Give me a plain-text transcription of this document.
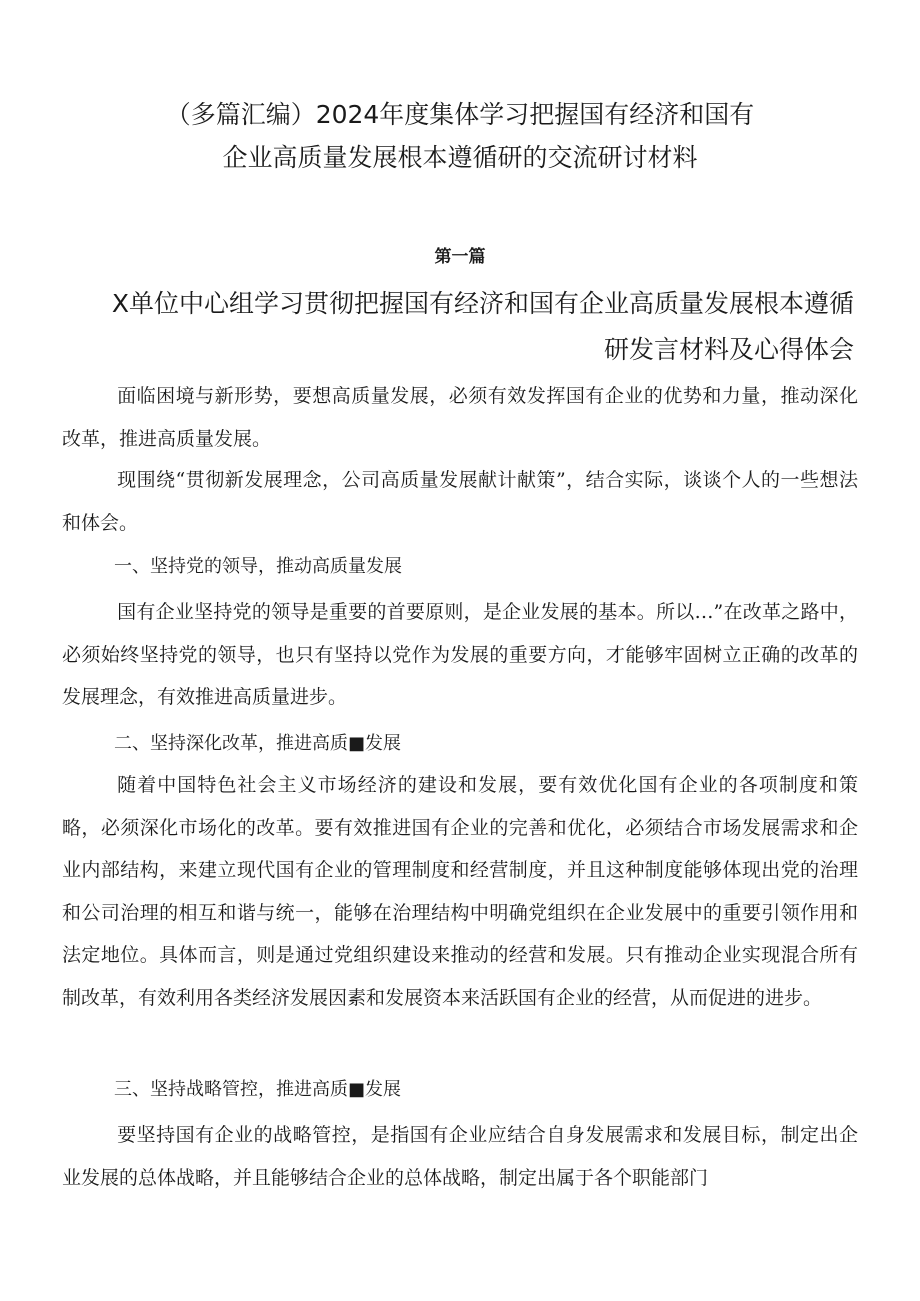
（多篇汇编）2024年度集体学习把握国有经济和国有
企业高质量发展根本遵循研的交流研讨材料
第一篇
X单位中心组学习贯彻把握国有经济和国有企业高质量发展根本遵循
研发言材料及心得体会

面临困境与新形势，要想高质量发展，必须有效发挥国有企业的优势和力量，推动深化改革，推进高质量发展。

现围绕“贯彻新发展理念，公司高质量发展献计献策”，结合实际，谈谈个人的一些想法和体会。

一、坚持党的领导，推动高质量发展

国有企业坚持党的领导是重要的首要原则，是企业发展的基本。所以…”在改革之路中，必须始终坚持党的领导，也只有坚持以党作为发展的重要方向，才能够牢固树立正确的改革的发展理念，有效推进高质量进步。

二、坚持深化改革，推进高质■发展

随着中国特色社会主义市场经济的建设和发展，要有效优化国有企业的各项制度和策略，必须深化市场化的改革。要有效推进国有企业的完善和优化，必须结合市场发展需求和企业内部结构，来建立现代国有企业的管理制度和经营制度，并且这种制度能够体现出党的治理和公司治理的相互和谐与统一，能够在治理结构中明确党组织在企业发展中的重要引领作用和法定地位。具体而言，则是通过党组织建设来推动的经营和发展。只有推动企业实现混合所有制改革，有效利用各类经济发展因素和发展资本来活跃国有企业的经营，从而促进的进步。

三、坚持战略管控，推进高质■发展

要坚持国有企业的战略管控，是指国有企业应结合自身发展需求和发展目标，制定出企业发展的总体战略，并且能够结合企业的总体战略，制定出属于各个职能部门
